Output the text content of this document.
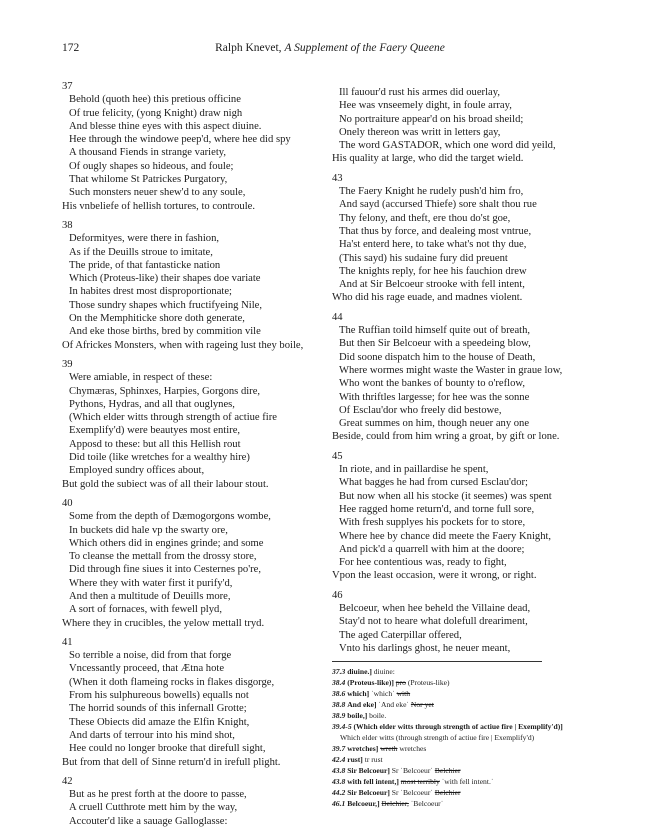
172	Ralph Knevet, A Supplement of the Faery Queene
37
Behold (quoth hee) this pretious officine
Of true felicity, (yong Knight) draw nigh
And blesse thine eyes with this aspect diuine.
Hee through the windowe peep'd, where hee did spy
A thousand Fiends in strange variety,
Of ougly shapes so hideous, and foule;
That whilome St Patrickes Purgatory,
Such monsters neuer shew'd to any soule,
His vnbeliefe of hellish tortures, to controule.
38
Deformityes, were there in fashion,
As if the Deuills stroue to imitate,
The pride, of that fantasticke nation
Which (Proteus-like) their shapes doe variate
In habites drest most disproportionate;
Those sundry shapes which fructifyeing Nile,
On the Memphiticke shore doth generate,
And eke those births, bred by commition vile
Of Africkes Monsters, when with rageing lust they boile,
39
Were amiable, in respect of these:
Chymæras, Sphinxes, Harpies, Gorgons dire,
Pythons, Hydras, and all that ouglynes,
(Which elder witts through strength of actiue fire
Exemplify'd) were beautyes most entire,
Apposd to these: but all this Hellish rout
Did toile (like wretches for a wealthy hire)
Employed sundry offices about,
But gold the subiect was of all their labour stout.
40
Some from the depth of Dæmogorgons wombe,
In buckets did hale vp the swarty ore,
Which others did in engines grinde; and some
To cleanse the mettall from the drossy store,
Did through fine siues it into Cesternes po're,
Where they with water first it purify'd,
And then a multitude of Deuills more,
A sort of fornaces, with fewell plyd,
Where they in crucibles, the yelow mettall tryd.
41
So terrible a noise, did from that forge
Vncessantly proceed, that Ætna hote
(When it doth flameing rocks in flakes disgorge,
From his sulphureous bowells) equalls not
The horrid sounds of this infernall Grotte;
These Obiects did amaze the Elfin Knight,
And darts of terrour into his mind shot,
Hee could no longer brooke that direfull sight,
But from that dell of Sinne return'd in irefull plight.
42
But as he prest forth at the doore to passe,
A cruell Cutthrote mett him by the way,
Accouter'd like a sauage Galloglasse:
Ill fauour'd rust his armes did ouerlay,
Hee was vnseemely dight, in foule array,
No portraiture appear'd on his broad sheild;
Onely thereon was writt in letters gay,
The word GASTADOR, which one word did yeild,
His quality at large, who did the target wield.
43
The Faery Knight he rudely push'd him fro,
And sayd (accursed Thiefe) sore shalt thou rue
Thy felony, and theft, ere thou do'st goe,
That thus by force, and dealeing most vntrue,
Ha'st enterd here, to take what's not thy due,
(This sayd) his sudaine fury did preuent
The knights reply, for hee his fauchion drew
And at Sir Belcoeur strooke with fell intent,
Who did his rage euade, and madnes violent.
44
The Ruffian toild himself quite out of breath,
But then Sir Belcoeur with a speedeing blow,
Did soone dispatch him to the house of Death,
Where wormes might waste the Waster in graue low,
Who wont the bankes of bounty to o'reflow,
With thriftles largesse; for hee was the sonne
Of Esclau'dor who freely did bestowe,
Great summes on him, though neuer any one
Beside, could from him wring a groat, by gift or lone.
45
In riote, and in paillardise he spent,
What bagges he had from cursed Esclau'dor;
But now when all his stocke (it seemes) was spent
Hee ragged home return'd, and torne full sore,
With fresh supplyes his pockets for to store,
Where hee by chance did meete the Faery Knight,
And pick'd a quarrell with him at the doore;
For hee contentious was, ready to fight,
Vpon the least occasion, were it wrong, or right.
46
Belcoeur, when hee beheld the Villaine dead,
Stay'd not to heare what dolefull dreariment,
The aged Caterpillar offered,
Vnto his darlings ghost, he neuer meant,
37.3 diuine.] diuine:
38.4 (Proteus-like)] pro (Proteus-like)
38.6 which] ˈwhichˈ with
38.8 And eke] ˈAnd ekeˈ Nor yet
38.9 boile,] boile.
39.4-5 (Which elder witts through strength of actiue fire | Exemplify'd)]
Which elder witts (through strength of actiue fire | Exemplify'd)
39.7 wretches] wreth wretches
42.4 rust] tr rust
43.8 Sir Belcoeur] Sr ˈBelcoeurˈ Belchier
43.8 with fell intent,] most terribly ˈwith fell intent.ˈ
44.2 Sir Belcoeur] Sr ˈBelcoeurˈ Belchier
46.1 Belcoeur,] Belchier, ˈBelcoeurˈ
